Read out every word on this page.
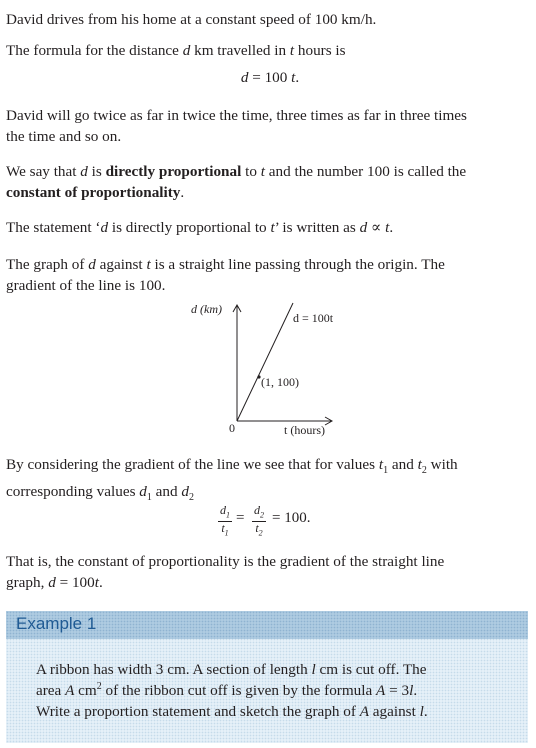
David drives from his home at a constant speed of 100 km/h.

The formula for the distance d km travelled in t hours is

d = 100 t.

David will go twice as far in twice the time, three times as far in three times
the time and so on.

We say that d is directly proportional to t and the number 100 is called the
constant of proportionality.

The statement ‘d is directly proportional to t’ is written as d ∝ t.

The graph of d against t is a straight line passing through the origin. The
gradient of the line is 100.

d (km)
d = 100t
(1, 100)
0	t (hours)

By considering the gradient of the line we see that for values $t_1$ and $t_2$ with
corresponding values $d_1$ and $d_2$

$d_1$
$t_1$
= $d_2$
$t_2$
= 100.

That is, the constant of proportionality is the gradient of the straight line
graph, d = 100t.

Example 1
A ribbon has width 3 cm. A section of length l cm is cut off. The
area A $cm^2$ of the ribbon cut off is given by the formula A = 3l.
Write a proportion statement and sketch the graph of A against l.
